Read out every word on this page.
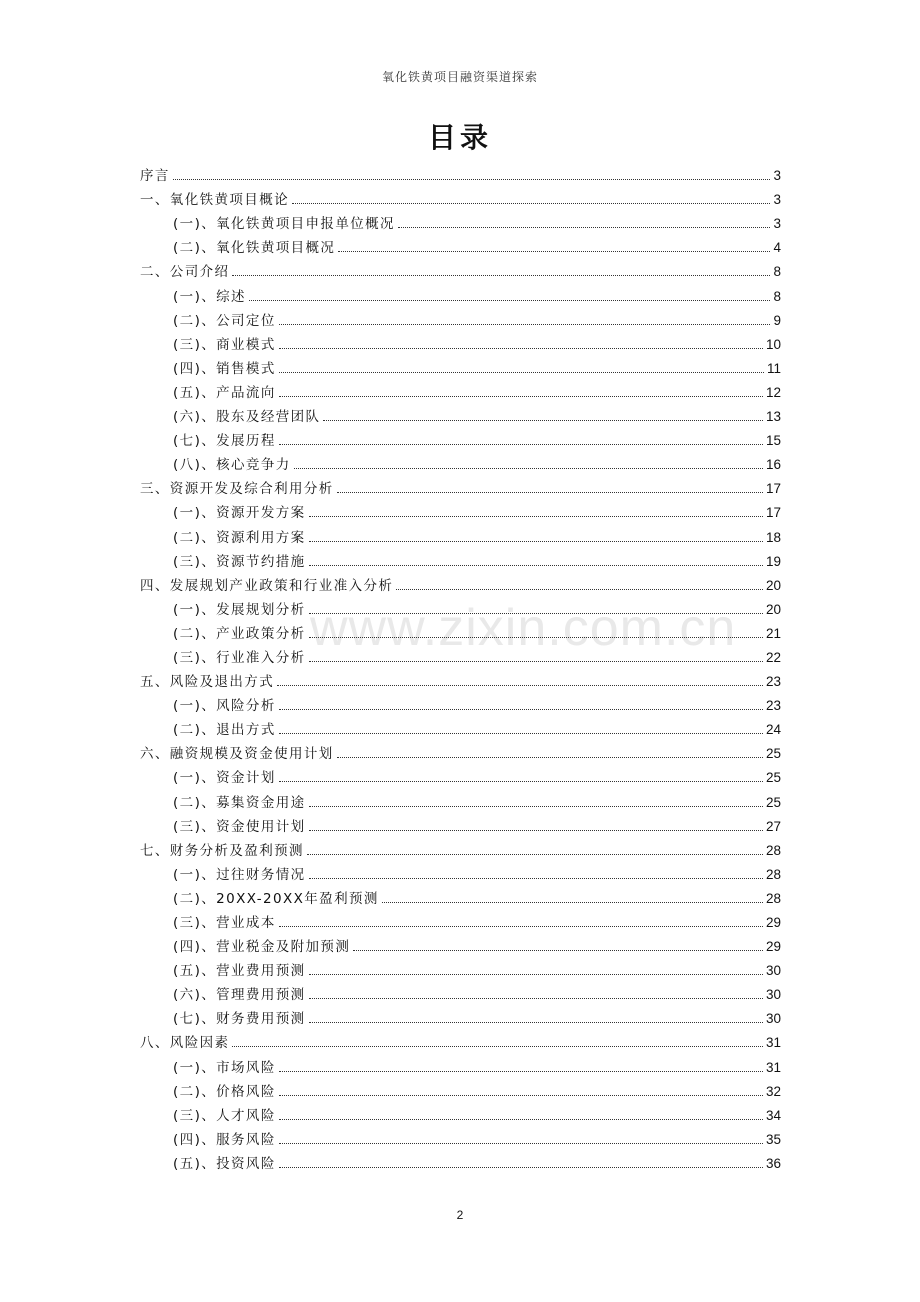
氧化铁黄项目融资渠道探索
目录
www.zixin.com.cn
序言	3
一、氧化铁黄项目概论	3
(一)、氧化铁黄项目申报单位概况	3
(二)、氧化铁黄项目概况	4
二、公司介绍	8
(一)、综述	8
(二)、公司定位	9
(三)、商业模式	10
(四)、销售模式	11
(五)、产品流向	12
(六)、股东及经营团队	13
(七)、发展历程	15
(八)、核心竞争力	16
三、资源开发及综合利用分析	17
(一)、资源开发方案	17
(二)、资源利用方案	18
(三)、资源节约措施	19
四、发展规划产业政策和行业准入分析	20
(一)、发展规划分析	20
(二)、产业政策分析	21
(三)、行业准入分析	22
五、风险及退出方式	23
(一)、风险分析	23
(二)、退出方式	24
六、融资规模及资金使用计划	25
(一)、资金计划	25
(二)、募集资金用途	25
(三)、资金使用计划	27
七、财务分析及盈利预测	28
(一)、过往财务情况	28
(二)、20XX-20XX年盈利预测	28
(三)、营业成本	29
(四)、营业税金及附加预测	29
(五)、营业费用预测	30
(六)、管理费用预测	30
(七)、财务费用预测	30
八、风险因素	31
(一)、市场风险	31
(二)、价格风险	32
(三)、人才风险	34
(四)、服务风险	35
(五)、投资风险	36
2
